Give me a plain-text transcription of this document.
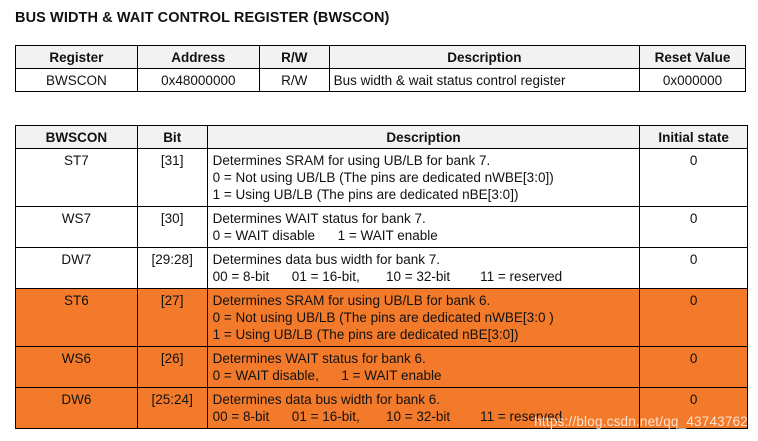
BUS WIDTH & WAIT CONTROL REGISTER (BWSCON)
Register	Address	R/W	Description	Reset Value
BWSCON	0x48000000	R/W	Bus width & wait status control register	0x000000
BWSCON	Bit	Description	Initial state
ST7	[31]	Determines SRAM for using UB/LB for bank 7.
0 = Not using UB/LB (The pins are dedicated nWBE[3:0])
1 = Using UB/LB (The pins are dedicated nBE[3:0])	0
WS7	[30]	Determines WAIT status for bank 7.
0 = WAIT disable      1 = WAIT enable	0
DW7	[29:28]	Determines data bus width for bank 7.
00 = 8-bit      01 = 16-bit,       10 = 32-bit        11 = reserved	0
ST6	[27]	Determines SRAM for using UB/LB for bank 6.
0 = Not using UB/LB (The pins are dedicated nWBE[3:0 )
1 = Using UB/LB (The pins are dedicated nBE[3:0])	0
WS6	[26]	Determines WAIT status for bank 6.
0 = WAIT disable,      1 = WAIT enable	0
DW6	[25:24]	Determines data bus width for bank 6.
00 = 8-bit      01 = 16-bit,       10 = 32-bit        11 = reserved	0
https://blog.csdn.net/qq_43743762
